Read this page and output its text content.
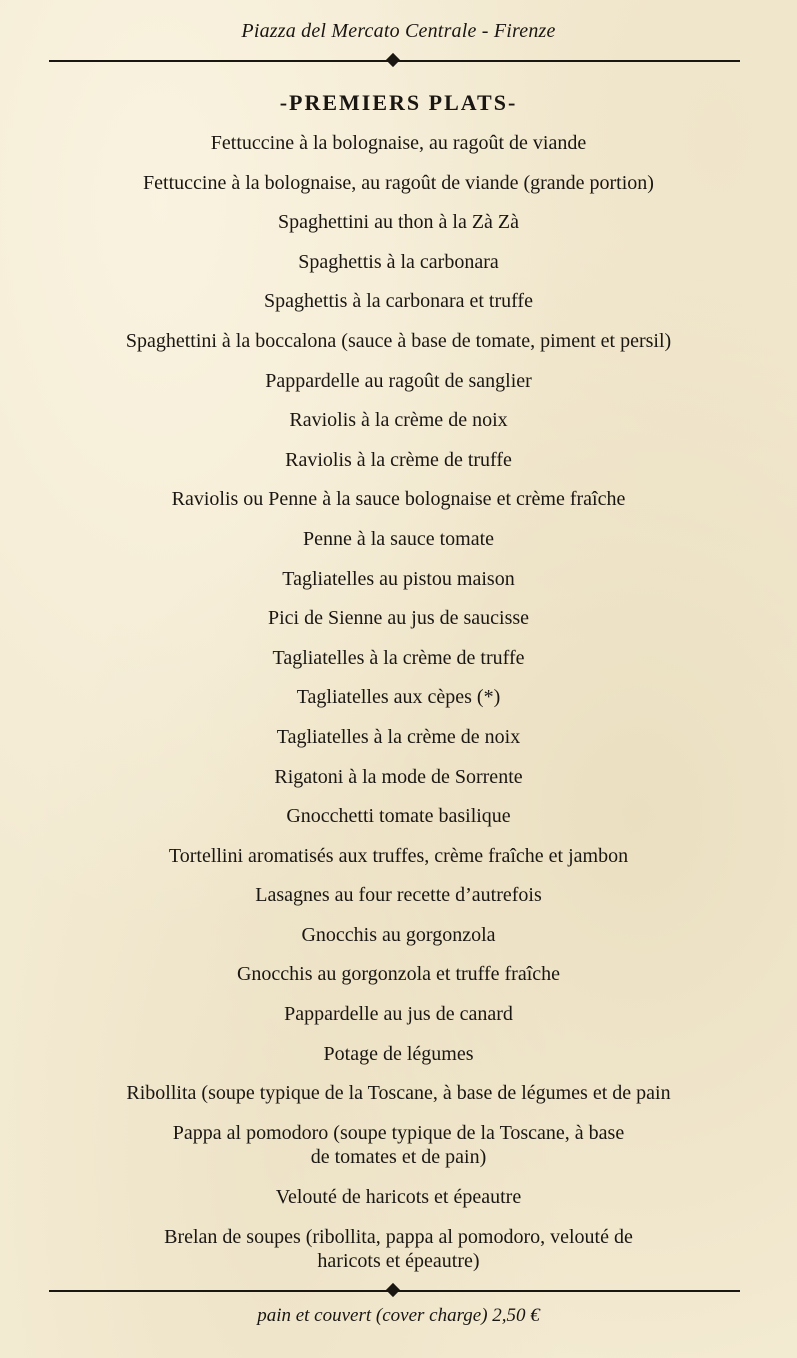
Piazza del Mercato Centrale - Firenze
-PREMIERS PLATS-
Fettuccine à la bolognaise, au ragoût de viande
Fettuccine à la bolognaise, au ragoût de viande (grande portion)
Spaghettini au thon à la Zà Zà
Spaghettis à la carbonara
Spaghettis à la carbonara et truffe
Spaghettini à la boccalona (sauce à base de tomate, piment et persil)
Pappardelle au ragoût de sanglier
Raviolis à la crème de noix
Raviolis à la crème de truffe
Raviolis ou Penne à la sauce bolognaise et crème fraîche
Penne à la sauce tomate
Tagliatelles au pistou maison
Pici de Sienne au jus de saucisse
Tagliatelles à la crème de truffe
Tagliatelles aux cèpes (*)
Tagliatelles à la crème de noix
Rigatoni à la mode de Sorrente
Gnocchetti tomate basilique
Tortellini aromatisés aux truffes, crème fraîche et jambon
Lasagnes au four recette d’autrefois
Gnocchis au gorgonzola
Gnocchis au gorgonzola et truffe fraîche
Pappardelle au jus de canard
Potage de légumes
Ribollita (soupe typique de la Toscane, à base de légumes et de pain
Pappa al pomodoro (soupe typique de la Toscane, à base
de tomates et de pain)
Velouté de haricots et épeautre
Brelan de soupes (ribollita, pappa al pomodoro, velouté de
haricots et épeautre)
pain et couvert (cover charge) 2,50 €
